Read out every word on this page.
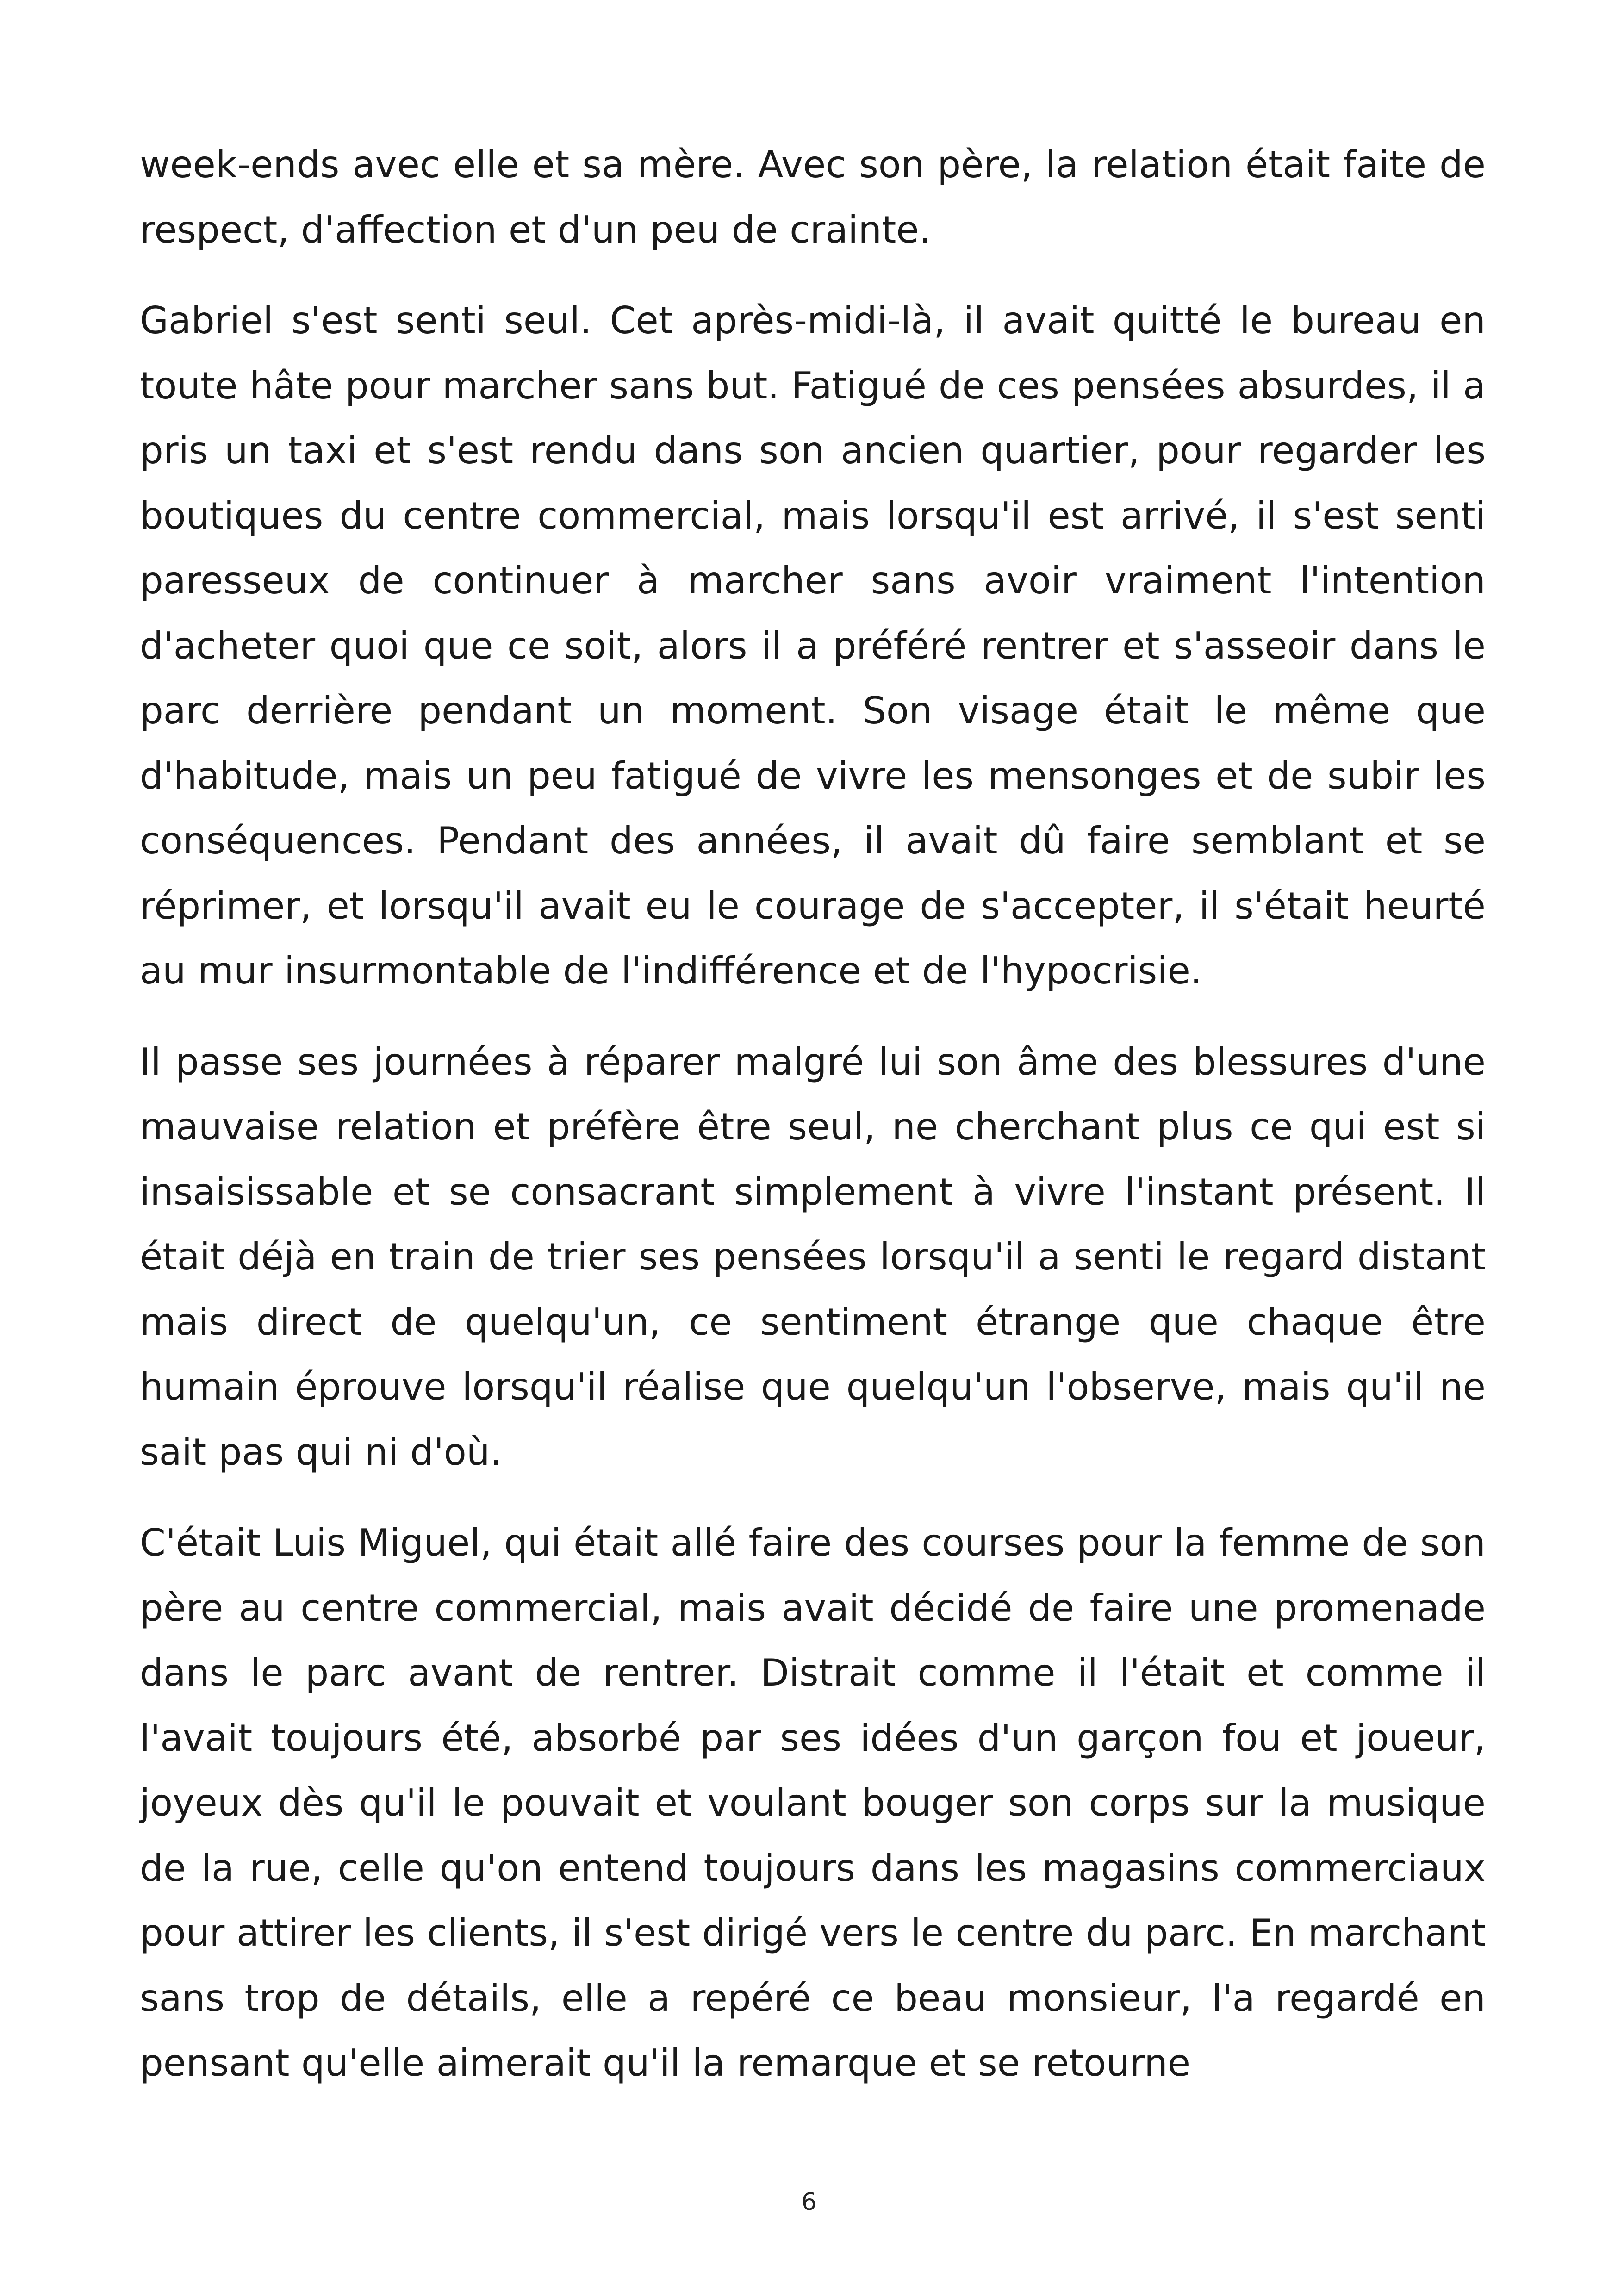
week-ends avec elle et sa mère. Avec son père, la relation était faite de respect, d'affection et d'un peu de crainte.

Gabriel s'est senti seul. Cet après-midi-là, il avait quitté le bureau en toute hâte pour marcher sans but. Fatigué de ces pensées absurdes, il a pris un taxi et s'est rendu dans son ancien quartier, pour regarder les boutiques du centre commercial, mais lorsqu'il est arrivé, il s'est senti paresseux de continuer à marcher sans avoir vraiment l'intention d'acheter quoi que ce soit, alors il a préféré rentrer et s'asseoir dans le parc derrière pendant un moment. Son visage était le même que d'habitude, mais un peu fatigué de vivre les mensonges et de subir les conséquences. Pendant des années, il avait dû faire semblant et se réprimer, et lorsqu'il avait eu le courage de s'accepter, il s'était heurté au mur insurmontable de l'indifférence et de l'hypocrisie.

Il passe ses journées à réparer malgré lui son âme des blessures d'une mauvaise relation et préfère être seul, ne cherchant plus ce qui est si insaisissable et se consacrant simplement à vivre l'instant présent. Il était déjà en train de trier ses pensées lorsqu'il a senti le regard distant mais direct de quelqu'un, ce sentiment étrange que chaque être humain éprouve lorsqu'il réalise que quelqu'un l'observe, mais qu'il ne sait pas qui ni d'où.

C'était Luis Miguel, qui était allé faire des courses pour la femme de son père au centre commercial, mais avait décidé de faire une promenade dans le parc avant de rentrer. Distrait comme il l'était et comme il l'avait toujours été, absorbé par ses idées d'un garçon fou et joueur, joyeux dès qu'il le pouvait et voulant bouger son corps sur la musique de la rue, celle qu'on entend toujours dans les magasins commerciaux pour attirer les clients, il s'est dirigé vers le centre du parc. En marchant sans trop de détails, elle a repéré ce beau monsieur, l'a regardé en pensant qu'elle aimerait qu'il la remarque et se retourne

6
